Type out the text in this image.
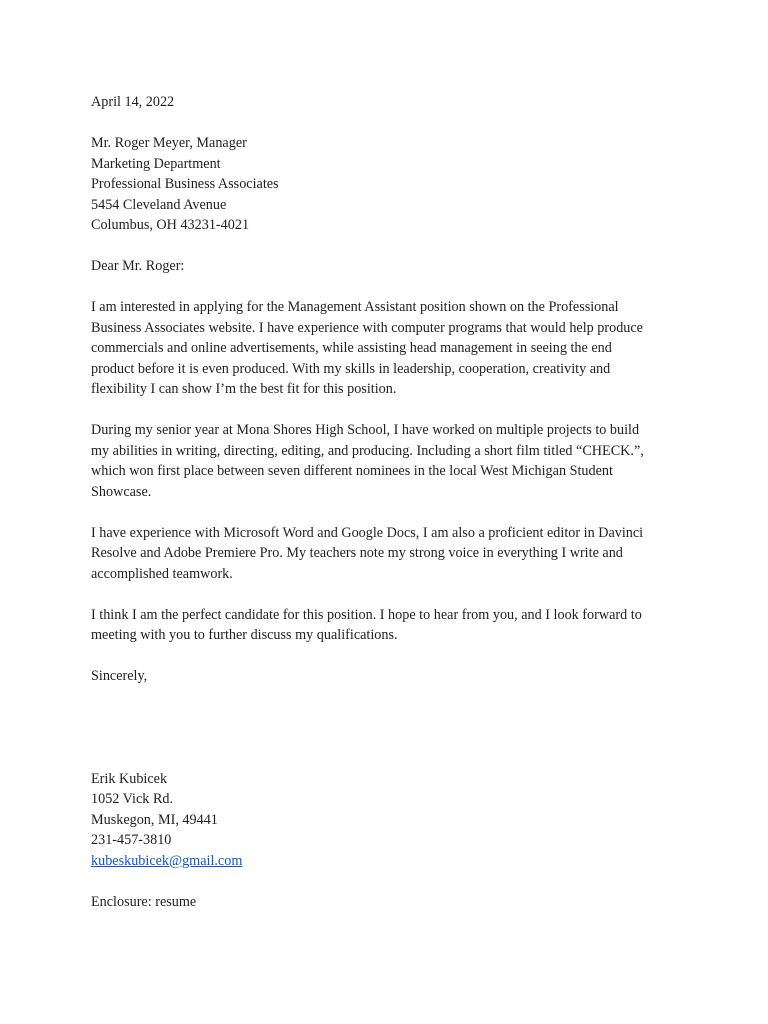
April 14, 2022
Mr. Roger Meyer, Manager
Marketing Department
Professional Business Associates
5454 Cleveland Avenue
Columbus, OH 43231-4021
Dear Mr. Roger:
I am interested in applying for the Management Assistant position shown on the Professional
Business Associates website. I have experience with computer programs that would help produce
commercials and online advertisements, while assisting head management in seeing the end
product before it is even produced. With my skills in leadership, cooperation, creativity and
flexibility I can show I’m the best fit for this position.
During my senior year at Mona Shores High School, I have worked on multiple projects to build
my abilities in writing, directing, editing, and producing. Including a short film titled “CHECK.”,
which won first place between seven different nominees in the local West Michigan Student
Showcase.
I have experience with Microsoft Word and Google Docs, I am also a proficient editor in Davinci
Resolve and Adobe Premiere Pro. My teachers note my strong voice in everything I write and
accomplished teamwork.
I think I am the perfect candidate for this position. I hope to hear from you, and I look forward to
meeting with you to further discuss my qualifications.
Sincerely,
Erik Kubicek
1052 Vick Rd.
Muskegon, MI, 49441
231-457-3810
kubeskubicek@gmail.com
Enclosure: resume
